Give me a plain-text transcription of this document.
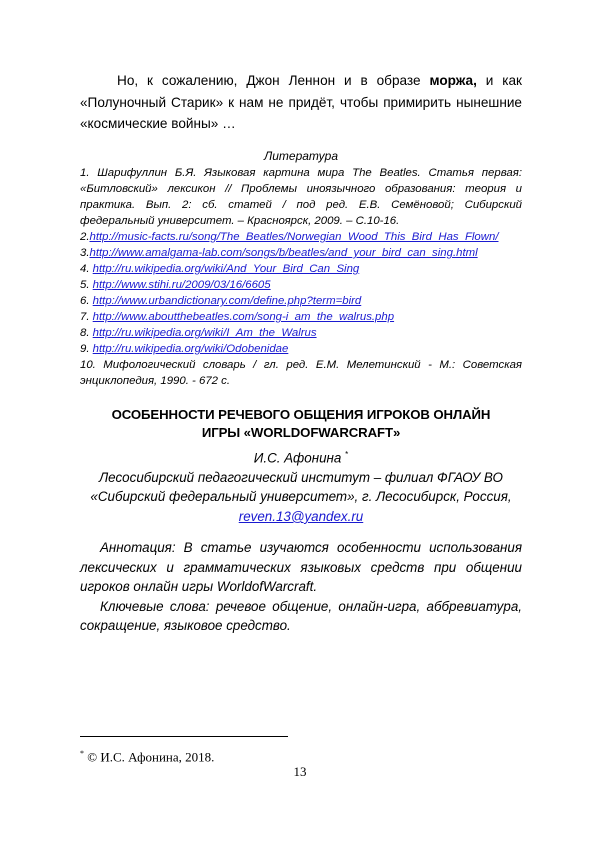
Но, к сожалению, Джон Леннон и в образе моржа, и как «Полуночный Старик» к нам не придёт, чтобы примирить нынешние «космические войны» …

Литература

1. Шарифуллин Б.Я. Языковая картина мира The Beatles. Статья первая: «Битловский» лексикон // Проблемы иноязычного образования: теория и практика. Вып. 2: сб. статей / под ред. Е.В. Семёновой; Сибирский федеральный университет. – Красноярск, 2009. – С.10-16.
2.http://music-facts.ru/song/The_Beatles/Norwegian_Wood_This_Bird_Has_Flown/
3.http://www.amalgama-lab.com/songs/b/beatles/and_your_bird_can_sing.html
4. http://ru.wikipedia.org/wiki/And_Your_Bird_Can_Sing
5. http://www.stihi.ru/2009/03/16/6605
6. http://www.urbandictionary.com/define.php?term=bird
7. http://www.aboutthebeatles.com/song-i_am_the_walrus.php
8. http://ru.wikipedia.org/wiki/I_Am_the_Walrus
9. http://ru.wikipedia.org/wiki/Odobenidae
10. Мифологический словарь / гл. ред. Е.М. Мелетинский - М.: Советская энциклопедия, 1990. - 672 с.
ОСОБЕННОСТИ РЕЧЕВОГО ОБЩЕНИЯ ИГРОКОВ ОНЛАЙН
ИГРЫ «WORLDOFWARCRAFT»
И.С. Афонина *
Лесосибирский педагогический институт – филиал ФГАОУ ВО
«Сибирский федеральный университет», г. Лесосибирск, Россия,
reven.13@yandex.ru

Аннотация: В статье изучаются особенности использования лексических и грамматических языковых средств при общении игроков онлайн игры WorldofWarcraft.

Ключевые слова: речевое общение, онлайн-игра, аббревиатура, сокращение, языковое средство.

* © И.С. Афонина, 2018.

13
